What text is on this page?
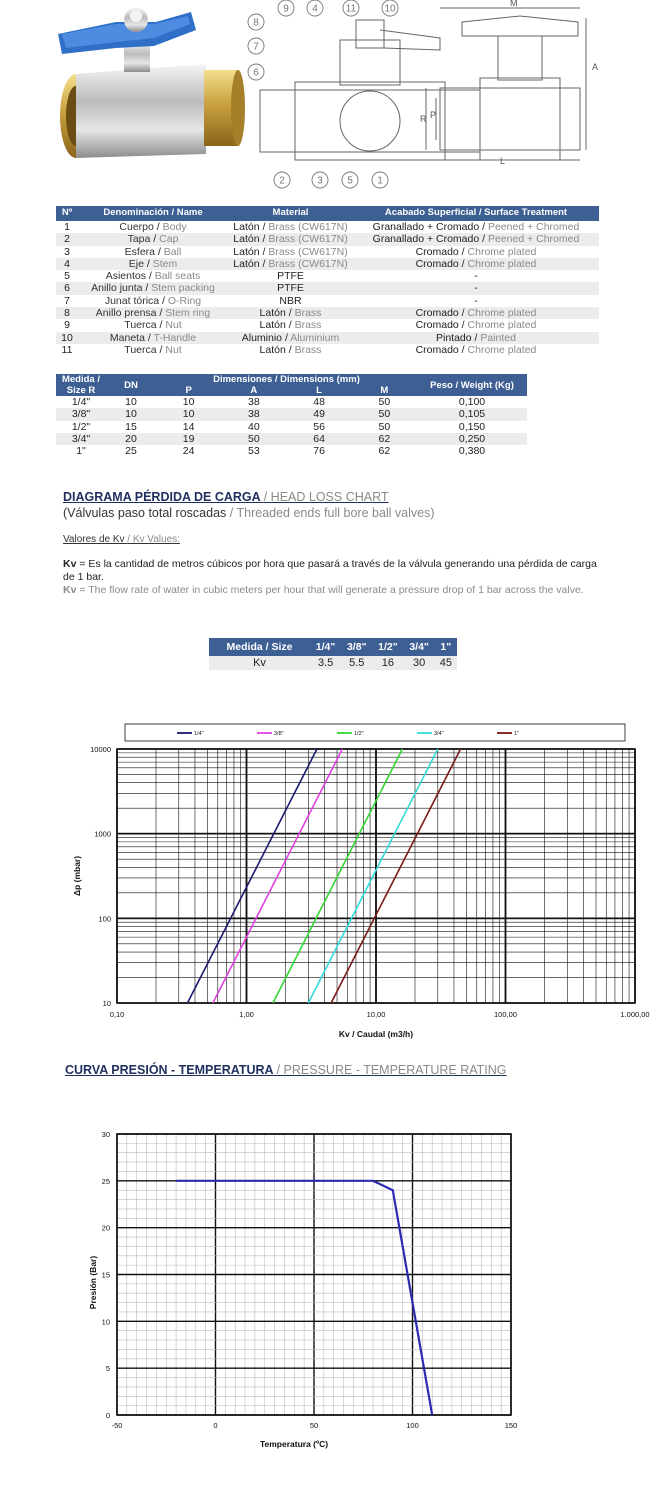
9 4	11	10
8
7
6
2	3 5 1
M
A
R P
L
Nº	Denominación / Name	Material	Acabado Superficial / Surface Treatment
1	Cuerpo / Body	Latón / Brass (CW617N)	Granallado + Cromado / Peened + Chromed
2	Tapa / Cap	Latón / Brass (CW617N)	Granallado + Cromado / Peened + Chromed
3	Esfera / Ball	Latón / Brass (CW617N)	Cromado / Chrome plated
4	Eje / Stem	Latón / Brass (CW617N)	Cromado / Chrome plated
5	Asientos / Ball seats	PTFE	-
6	Anillo junta / Stem packing	PTFE	-
7	Junat tórica / O-Ring	NBR	-
8	Anillo prensa / Stem ring	Latón / Brass	Cromado / Chrome plated
9	Tuerca / Nut	Latón / Brass	Cromado / Chrome plated
10	Maneta / T-Handle	Aluminio / Aluminium	Pintado / Painted
11	Tuerca / Nut	Latón / Brass	Cromado / Chrome plated
Medida / Size R	DN	Dimensiones / Dimensions (mm)				Peso / Weight (Kg)
		P	A	L	M	
1/4"	10	10	38	48	50	0,100
3/8"	10	10	38	49	50	0,105
1/2"	15	14	40	56	50	0,150
3/4"	20	19	50	64	62	0,250
1"	25	24	53	76	62	0,380
DIAGRAMA PÉRDIDA DE CARGA / HEAD LOSS CHART
(Válvulas paso total roscadas / Threaded ends full bore ball valves)
Valores de Kv / Kv Values:
Kv = Es la cantidad de metros cúbicos por hora que pasará a través de la válvula generando una pérdida de carga de 1 bar.
Kv = The flow rate of water in cubic meters per hour that will generate a pressure drop of 1 bar across the valve.
Medida / Size	1/4"	3/8"	1/2"	3/4"	1"
Kv	3.5	5.5	16	30	45
1/4"	3/8"	1/2"	3/4"	1"
0,10	1,00	10,00	100,00	1.000,00
10
100
1000
10000
Kv / Caudal (m3/h)
Δp (mbar)
CURVA PRESIÓN - TEMPERATURA / PRESSURE - TEMPERATURE RATING
-50	0	50	100	150
0
5
10
15
20
25
30
Temperatura (ºC)
Presión (Bar)
